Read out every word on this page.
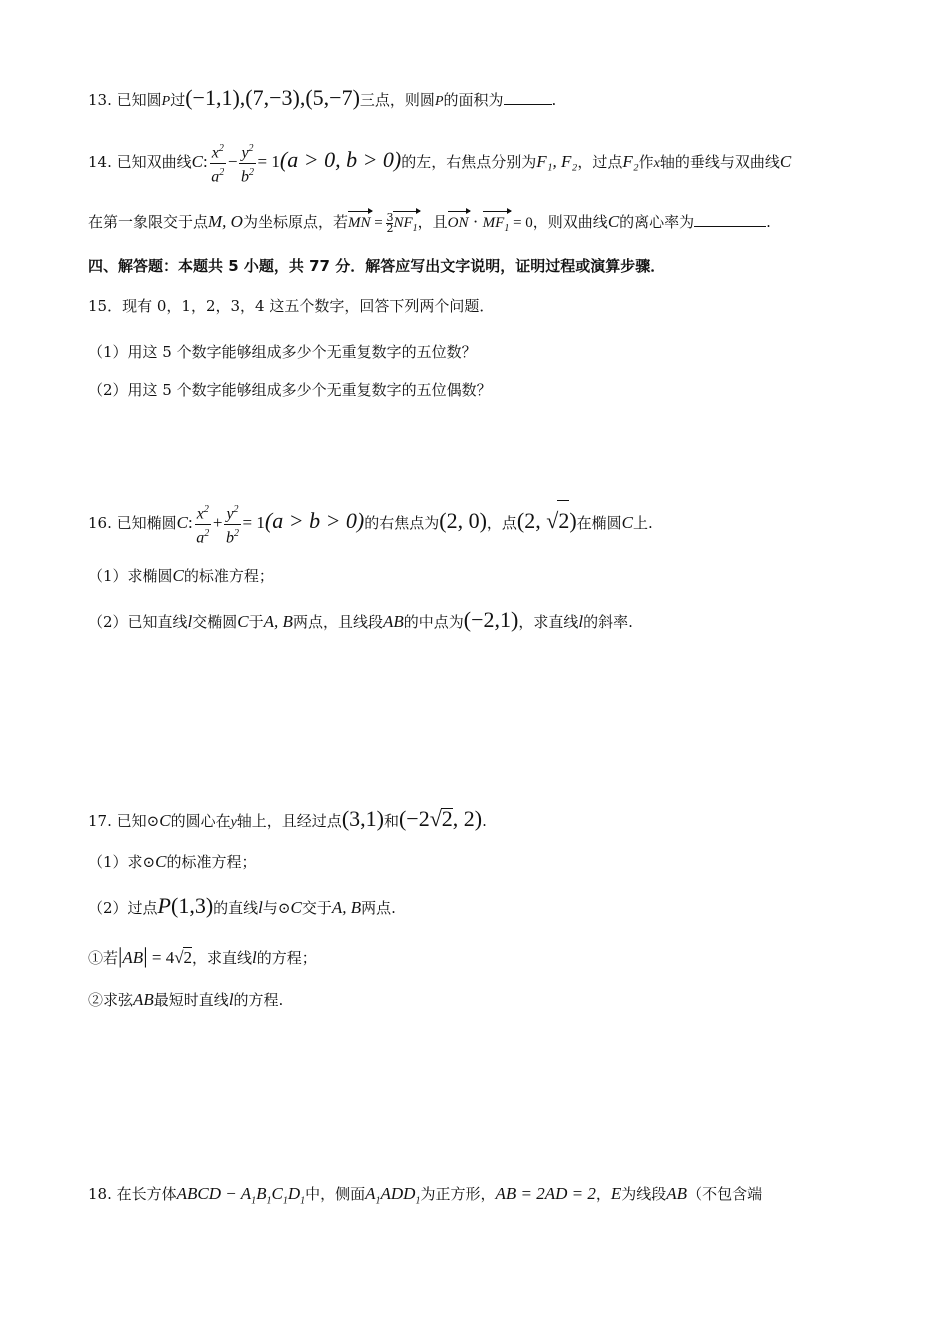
13. 已知圆P过(−1,1),(7,−3),(5,−7)三点，则圆P的面积为	.
14. 已知双曲线C: $\frac{x^2}{a^2} - \frac{y^2}{b^2} = 1(a > 0$, b > 0)的左，右焦点分别为F₁, F₂，过点F₂作x轴的垂线与双曲线C
在第一象限交于点M, O为坐标原点，若MN = $\frac{3}{2} NF_1$，且ON · $MF_1 = 0$，则双曲线C的离心率为	.
四、解答题：本题共 5 小题，共 77 分．解答应写出文字说明，证明过程或演算步骤．
15．现有 0，1，2，3，4 这五个数字，回答下列两个问题．
（1）用这 5 个数字能够组成多少个无重复数字的五位数？
（2）用这 5 个数字能够组成多少个无重复数字的五位偶数？
16. 已知椭圆C: $\frac{x^2}{a^2} + \frac{y^2}{b^2} = 1(a > b > 0)$的右焦点为(2, 0)，点(2, √2)在椭圆C上.
（1）求椭圆C的标准方程；
（2）已知直线l交椭圆C于A, B两点，且线段AB的中点为(−2,1)，求直线l的斜率.
17. 已知⊙C的圆心在y轴上，且经过点(3,1)和(−2√2, 2).
（1）求⊙C的标准方程；
（2）过点P(1,3)的直线l与⊙C交于A, B两点.
①若|AB| = 4√2，求直线l的方程；
②求弦AB最短时直线l的方程.
18. 在长方体ABCD − $A_1B_1C_1D_1$中，侧面$A_1ADD_1$为正方形，AB = 2AD = 2，E为线段AB（不包含端
